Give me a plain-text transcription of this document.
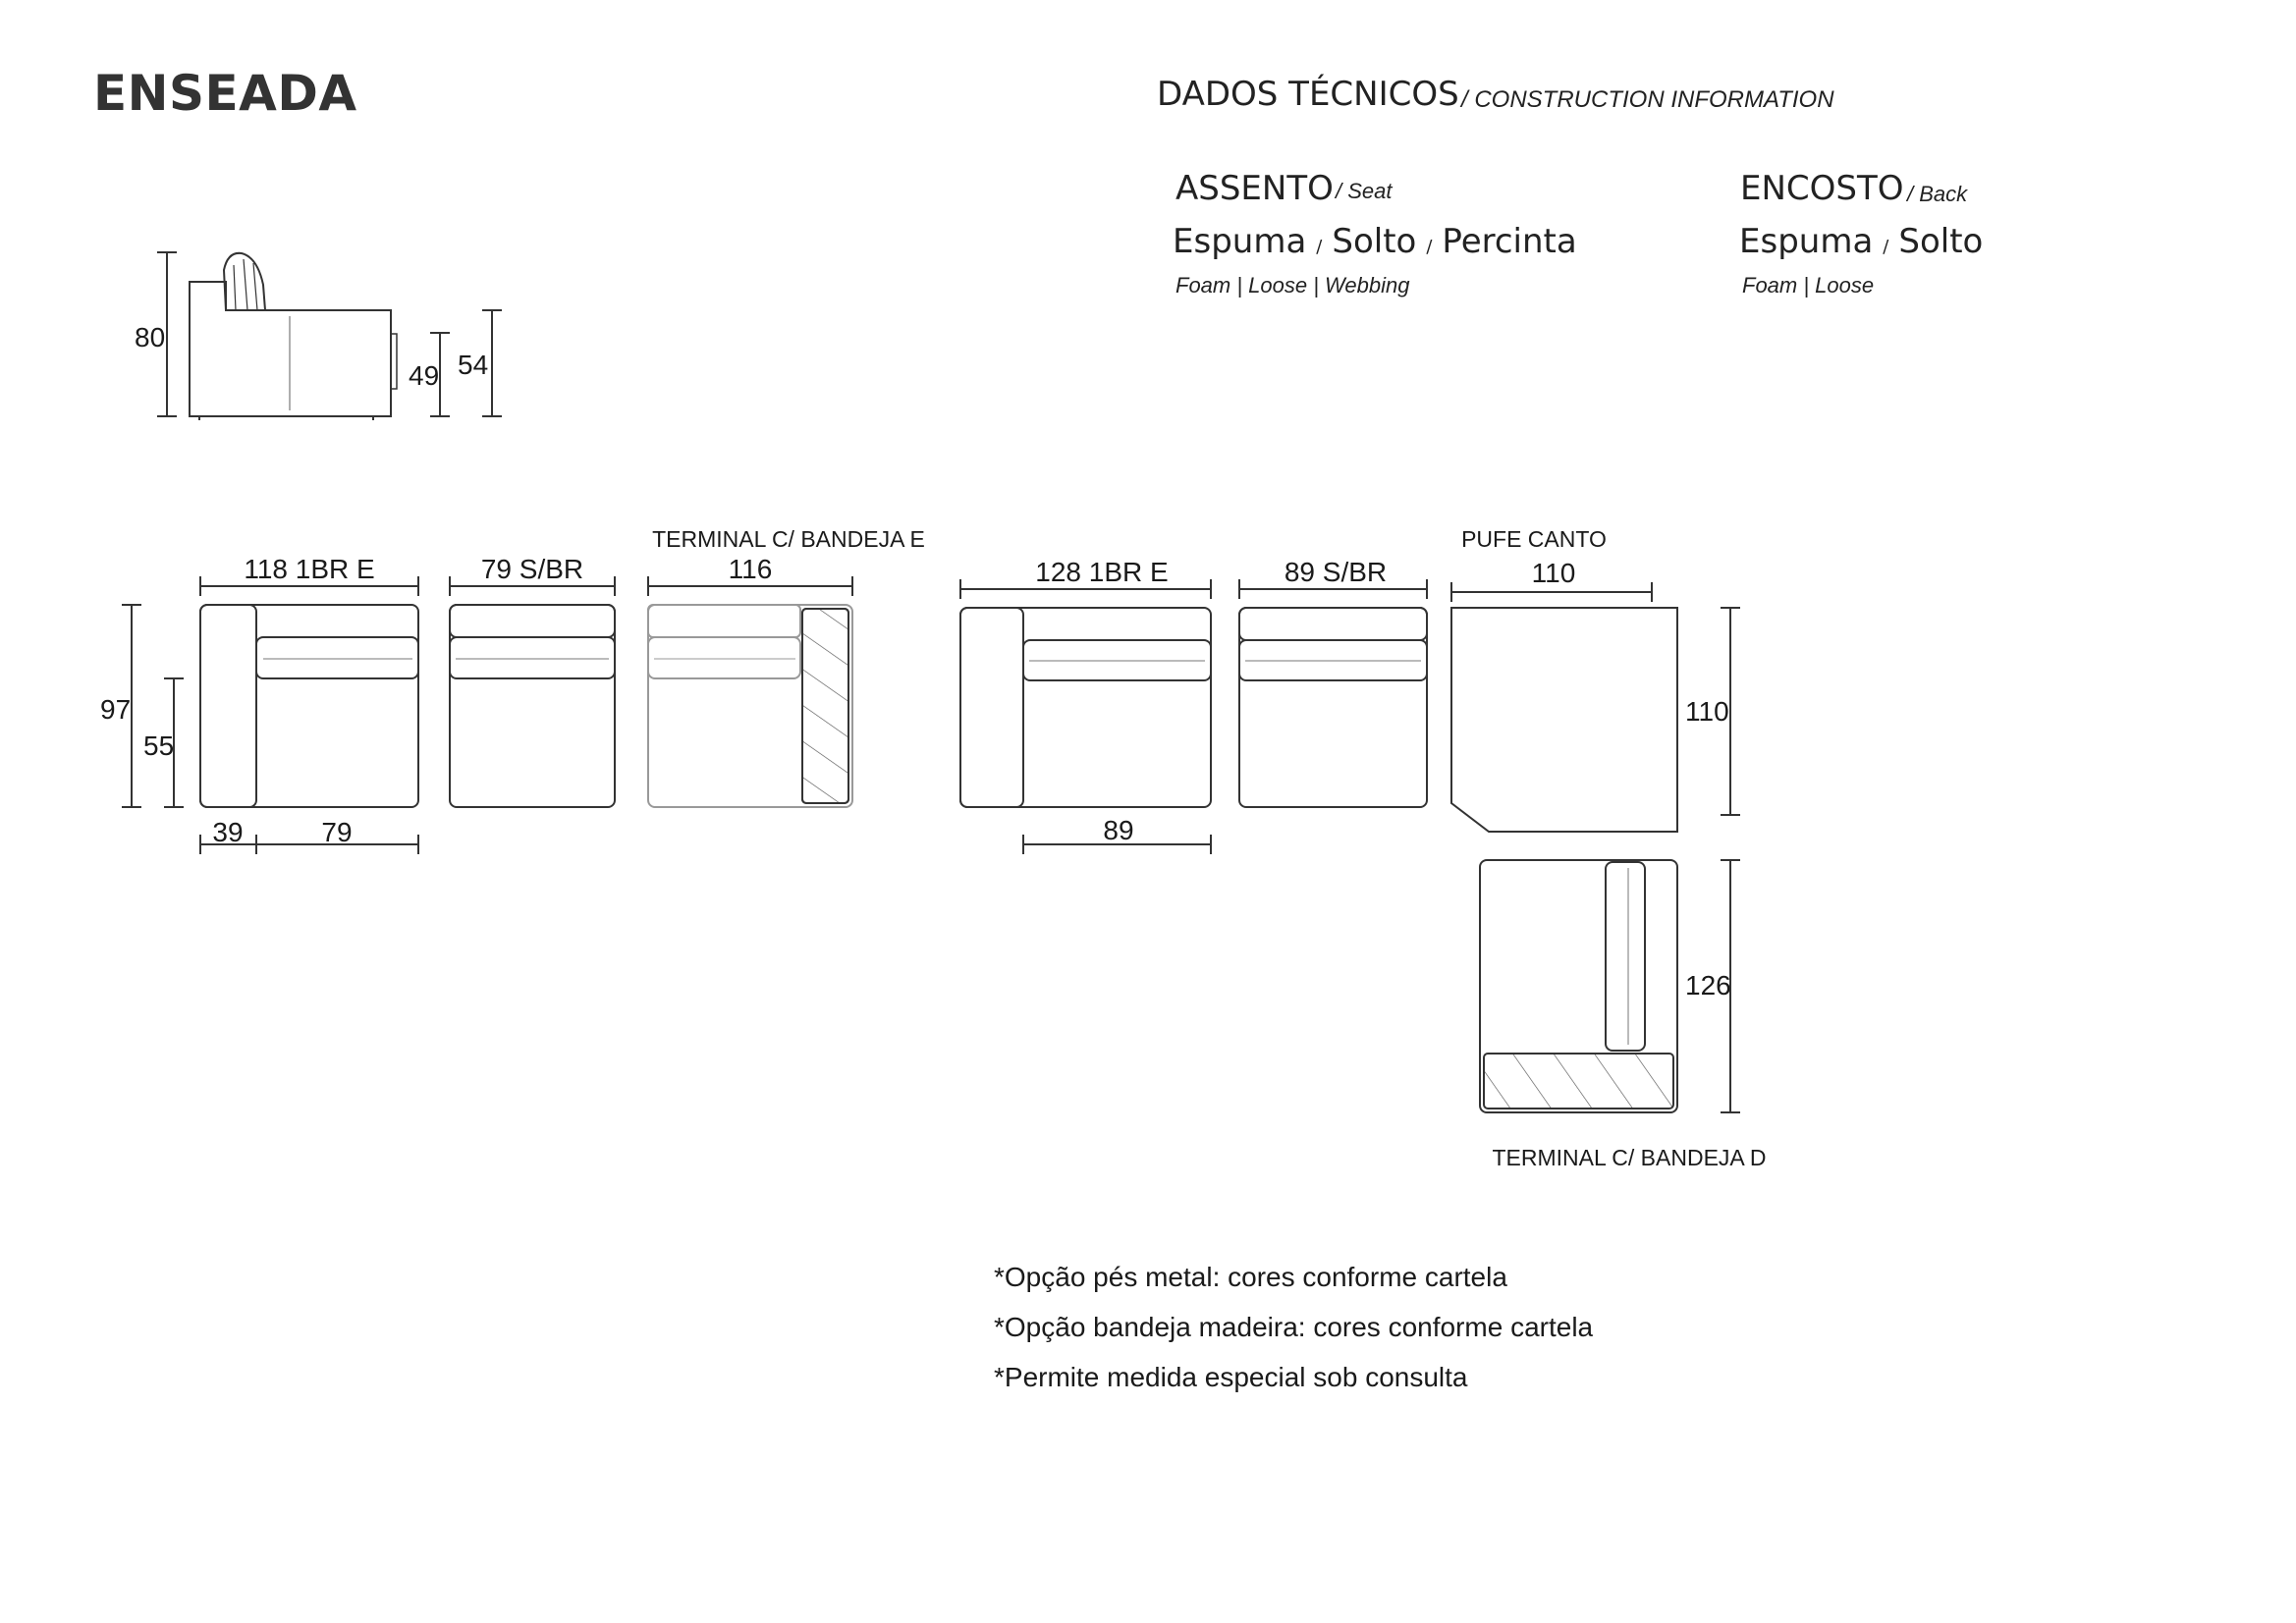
ENSEADA	DADOS TÉCNICOS / CONSTRUCTION INFORMATION
ASSENTO / Seat
Espuma / Solto / Percinta
Foam | Loose | Webbing
ENCOSTO / Back
Espuma / Solto
Foam | Loose
80
49 54
118 1BR E
97
55
39	79
79 S/BR	116	128 1BR E
89
89 S/BR	110
110
126
TERMINAL C/ BANDEJA E	PUFE CANTO
TERMINAL C/ BANDEJA D
*Opção pés metal: cores conforme cartela
*Opção bandeja madeira: cores conforme cartela
*Permite medida especial sob consulta
